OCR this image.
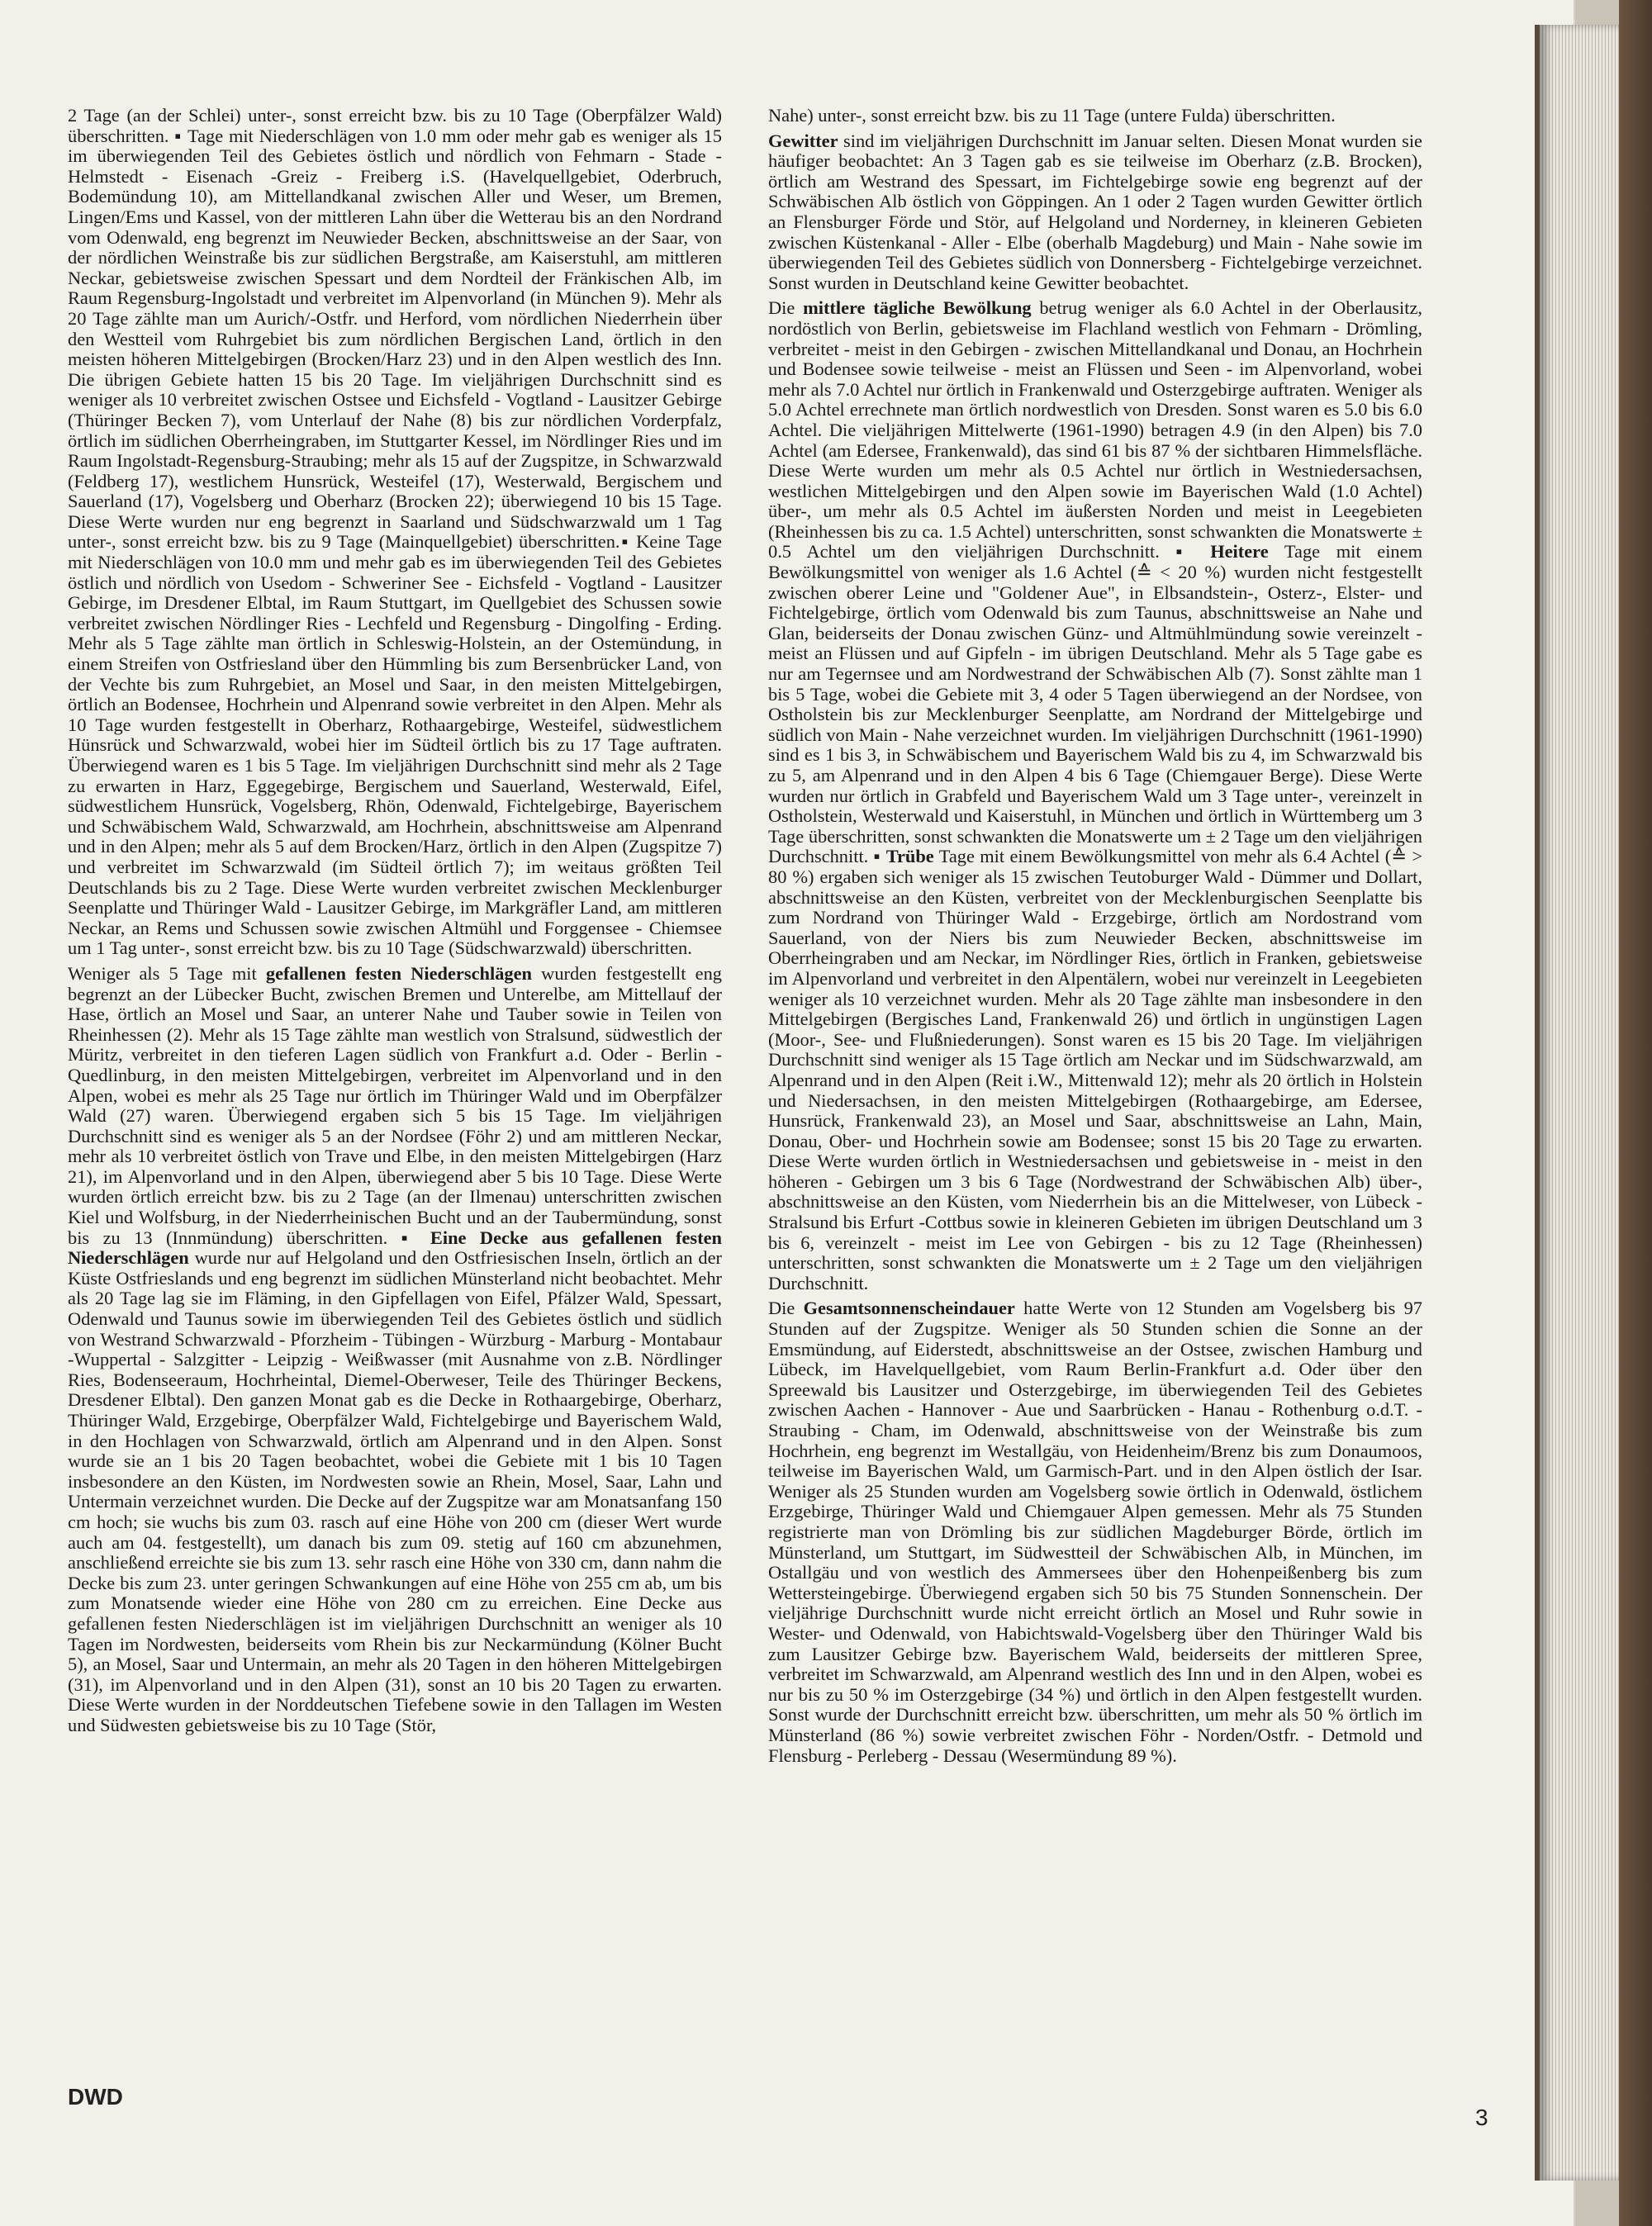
2 Tage (an der Schlei) unter-, sonst erreicht bzw. bis zu 10 Tage (Oberpfälzer Wald) überschritten. ▪ Tage mit Niederschlägen von 1.0 mm oder mehr gab es weniger als 15 im überwiegenden Teil des Gebietes östlich und nördlich von Fehmarn - Stade - Helmstedt - Eisenach -Greiz - Freiberg i.S. (Havelquellgebiet, Oderbruch, Bodemündung 10), am Mittellandkanal zwischen Aller und Weser, um Bremen, Lingen/Ems und Kassel, von der mittleren Lahn über die Wetterau bis an den Nordrand vom Odenwald, eng begrenzt im Neuwieder Becken, abschnittsweise an der Saar, von der nördlichen Weinstraße bis zur südlichen Bergstraße, am Kaiserstuhl, am mittleren Neckar, gebietsweise zwischen Spessart und dem Nordteil der Fränkischen Alb, im Raum Regensburg-Ingolstadt und verbreitet im Alpenvorland (in München 9). Mehr als 20 Tage zählte man um Aurich/-Ostfr. und Herford, vom nördlichen Niederrhein über den Westteil vom Ruhrgebiet bis zum nördlichen Bergischen Land, örtlich in den meisten höheren Mittelgebirgen (Brocken/Harz 23) und in den Alpen westlich des Inn. Die übrigen Gebiete hatten 15 bis 20 Tage. Im vieljährigen Durchschnitt sind es weniger als 10 verbreitet zwischen Ostsee und Eichsfeld - Vogtland - Lausitzer Gebirge (Thüringer Becken 7), vom Unterlauf der Nahe (8) bis zur nördlichen Vorderpfalz, örtlich im südlichen Oberrheingraben, im Stuttgarter Kessel, im Nördlinger Ries und im Raum Ingolstadt-Regensburg-Straubing; mehr als 15 auf der Zugspitze, in Schwarzwald (Feldberg 17), westlichem Hunsrück, Westeifel (17), Westerwald, Bergischem und Sauerland (17), Vogelsberg und Oberharz (Brocken 22); überwiegend 10 bis 15 Tage. Diese Werte wurden nur eng begrenzt in Saarland und Südschwarzwald um 1 Tag unter-, sonst erreicht bzw. bis zu 9 Tage (Mainquellgebiet) überschritten.▪ Keine Tage mit Niederschlägen von 10.0 mm und mehr gab es im überwiegenden Teil des Gebietes östlich und nördlich von Usedom - Schweriner See - Eichsfeld - Vogtland - Lausitzer Gebirge, im Dresdener Elbtal, im Raum Stuttgart, im Quellgebiet des Schussen sowie verbreitet zwischen Nördlinger Ries - Lechfeld und Regensburg - Dingolfing - Erding. Mehr als 5 Tage zählte man örtlich in Schleswig-Holstein, an der Ostemündung, in einem Streifen von Ostfriesland über den Hümmling bis zum Bersenbrücker Land, von der Vechte bis zum Ruhrgebiet, an Mosel und Saar, in den meisten Mittelgebirgen, örtlich an Bodensee, Hochrhein und Alpenrand sowie verbreitet in den Alpen. Mehr als 10 Tage wurden festgestellt in Oberharz, Rothaargebirge, Westeifel, südwestlichem Hünsrück und Schwarzwald, wobei hier im Südteil örtlich bis zu 17 Tage auftraten. Überwiegend waren es 1 bis 5 Tage. Im vieljährigen Durchschnitt sind mehr als 2 Tage zu erwarten in Harz, Eggegebirge, Bergischem und Sauerland, Westerwald, Eifel, südwestlichem Hunsrück, Vogelsberg, Rhön, Odenwald, Fichtelgebirge, Bayerischem und Schwäbischem Wald, Schwarzwald, am Hochrhein, abschnittsweise am Alpenrand und in den Alpen; mehr als 5 auf dem Brocken/Harz, örtlich in den Alpen (Zugspitze 7) und verbreitet im Schwarzwald (im Südteil örtlich 7); im weitaus größten Teil Deutschlands bis zu 2 Tage. Diese Werte wurden verbreitet zwischen Mecklenburger Seenplatte und Thüringer Wald - Lausitzer Gebirge, im Markgräfler Land, am mittleren Neckar, an Rems und Schussen sowie zwischen Altmühl und Forggensee - Chiemsee um 1 Tag unter-, sonst erreicht bzw. bis zu 10 Tage (Südschwarzwald) überschritten.

Weniger als 5 Tage mit gefallenen festen Niederschlägen wurden festgestellt eng begrenzt an der Lübecker Bucht, zwischen Bremen und Unterelbe, am Mittellauf der Hase, örtlich an Mosel und Saar, an unterer Nahe und Tauber sowie in Teilen von Rheinhessen (2). Mehr als 15 Tage zählte man westlich von Stralsund, südwestlich der Müritz, verbreitet in den tieferen Lagen südlich von Frankfurt a.d. Oder - Berlin - Quedlinburg, in den meisten Mittelgebirgen, verbreitet im Alpenvorland und in den Alpen, wobei es mehr als 25 Tage nur örtlich im Thüringer Wald und im Oberpfälzer Wald (27) waren. Überwiegend ergaben sich 5 bis 15 Tage. Im vieljährigen Durchschnitt sind es weniger als 5 an der Nordsee (Föhr 2) und am mittleren Neckar, mehr als 10 verbreitet östlich von Trave und Elbe, in den meisten Mittelgebirgen (Harz 21), im Alpenvorland und in den Alpen, überwiegend aber 5 bis 10 Tage. Diese Werte wurden örtlich erreicht bzw. bis zu 2 Tage (an der Ilmenau) unterschritten zwischen Kiel und Wolfsburg, in der Niederrheinischen Bucht und an der Taubermündung, sonst bis zu 13 (Innmündung) überschritten. ▪ Eine Decke aus gefallenen festen Niederschlägen wurde nur auf Helgoland und den Ostfriesischen Inseln, örtlich an der Küste Ostfrieslands und eng begrenzt im südlichen Münsterland nicht beobachtet. Mehr als 20 Tage lag sie im Fläming, in den Gipfellagen von Eifel, Pfälzer Wald, Spessart, Odenwald und Taunus sowie im überwiegenden Teil des Gebietes östlich und südlich von Westrand Schwarzwald - Pforzheim - Tübingen - Würzburg - Marburg - Montabaur -Wuppertal - Salzgitter - Leipzig - Weißwasser (mit Ausnahme von z.B. Nördlinger Ries, Bodenseeraum, Hochrheintal, Diemel-Oberweser, Teile des Thüringer Beckens, Dresdener Elbtal). Den ganzen Monat gab es die Decke in Rothaargebirge, Oberharz, Thüringer Wald, Erzgebirge, Oberpfälzer Wald, Fichtelgebirge und Bayerischem Wald, in den Hochlagen von Schwarzwald, örtlich am Alpenrand und in den Alpen. Sonst wurde sie an 1 bis 20 Tagen beobachtet, wobei die Gebiete mit 1 bis 10 Tagen insbesondere an den Küsten, im Nordwesten sowie an Rhein, Mosel, Saar, Lahn und Untermain verzeichnet wurden. Die Decke auf der Zugspitze war am Monatsanfang 150 cm hoch; sie wuchs bis zum 03. rasch auf eine Höhe von 200 cm (dieser Wert wurde auch am 04. festgestellt), um danach bis zum 09. stetig auf 160 cm abzunehmen, anschließend erreichte sie bis zum 13. sehr rasch eine Höhe von 330 cm, dann nahm die Decke bis zum 23. unter geringen Schwankungen auf eine Höhe von 255 cm ab, um bis zum Monatsende wieder eine Höhe von 280 cm zu erreichen. Eine Decke aus gefallenen festen Niederschlägen ist im vieljährigen Durchschnitt an weniger als 10 Tagen im Nordwesten, beiderseits vom Rhein bis zur Neckarmündung (Kölner Bucht 5), an Mosel, Saar und Untermain, an mehr als 20 Tagen in den höheren Mittelgebirgen (31), im Alpenvorland und in den Alpen (31), sonst an 10 bis 20 Tagen zu erwarten. Diese Werte wurden in der Norddeutschen Tiefebene sowie in den Tallagen im Westen und Südwesten gebietsweise bis zu 10 Tage (Stör,

Nahe) unter-, sonst erreicht bzw. bis zu 11 Tage (untere Fulda) überschritten.

Gewitter sind im vieljährigen Durchschnitt im Januar selten. Diesen Monat wurden sie häufiger beobachtet: An 3 Tagen gab es sie teilweise im Oberharz (z.B. Brocken), örtlich am Westrand des Spessart, im Fichtelgebirge sowie eng begrenzt auf der Schwäbischen Alb östlich von Göppingen. An 1 oder 2 Tagen wurden Gewitter örtlich an Flensburger Förde und Stör, auf Helgoland und Norderney, in kleineren Gebieten zwischen Küstenkanal - Aller - Elbe (oberhalb Magdeburg) und Main - Nahe sowie im überwiegenden Teil des Gebietes südlich von Donnersberg - Fichtelgebirge verzeichnet. Sonst wurden in Deutschland keine Gewitter beobachtet.

Die mittlere tägliche Bewölkung betrug weniger als 6.0 Achtel in der Oberlausitz, nordöstlich von Berlin, gebietsweise im Flachland westlich von Fehmarn - Drömling, verbreitet - meist in den Gebirgen - zwischen Mittellandkanal und Donau, an Hochrhein und Bodensee sowie teilweise - meist an Flüssen und Seen - im Alpenvorland, wobei mehr als 7.0 Achtel nur örtlich in Frankenwald und Osterzgebirge auftraten. Weniger als 5.0 Achtel errechnete man örtlich nordwestlich von Dresden. Sonst waren es 5.0 bis 6.0 Achtel. Die vieljährigen Mittelwerte (1961-1990) betragen 4.9 (in den Alpen) bis 7.0 Achtel (am Edersee, Frankenwald), das sind 61 bis 87 % der sichtbaren Himmelsfläche. Diese Werte wurden um mehr als 0.5 Achtel nur örtlich in Westniedersachsen, westlichen Mittelgebirgen und den Alpen sowie im Bayerischen Wald (1.0 Achtel) über-, um mehr als 0.5 Achtel im äußersten Norden und meist in Leegebieten (Rheinhessen bis zu ca. 1.5 Achtel) unterschritten, sonst schwankten die Monatswerte ± 0.5 Achtel um den vieljährigen Durchschnitt. ▪ Heitere Tage mit einem Bewölkungsmittel von weniger als 1.6 Achtel (≙ < 20 %) wurden nicht festgestellt zwischen oberer Leine und "Goldener Aue", in Elbsandstein-, Osterz-, Elster- und Fichtelgebirge, örtlich vom Odenwald bis zum Taunus, abschnittsweise an Nahe und Glan, beiderseits der Donau zwischen Günz- und Altmühlmündung sowie vereinzelt - meist an Flüssen und auf Gipfeln - im übrigen Deutschland. Mehr als 5 Tage gabe es nur am Tegernsee und am Nordwestrand der Schwäbischen Alb (7). Sonst zählte man 1 bis 5 Tage, wobei die Gebiete mit 3, 4 oder 5 Tagen überwiegend an der Nordsee, von Ostholstein bis zur Mecklenburger Seenplatte, am Nordrand der Mittelgebirge und südlich von Main - Nahe verzeichnet wurden. Im vieljährigen Durchschnitt (1961-1990) sind es 1 bis 3, in Schwäbischem und Bayerischem Wald bis zu 4, im Schwarzwald bis zu 5, am Alpenrand und in den Alpen 4 bis 6 Tage (Chiemgauer Berge). Diese Werte wurden nur örtlich in Grabfeld und Bayerischem Wald um 3 Tage unter-, vereinzelt in Ostholstein, Westerwald und Kaiserstuhl, in München und örtlich in Württemberg um 3 Tage überschritten, sonst schwankten die Monatswerte um ± 2 Tage um den vieljährigen Durchschnitt. ▪ Trübe Tage mit einem Bewölkungsmittel von mehr als 6.4 Achtel (≙ > 80 %) ergaben sich weniger als 15 zwischen Teutoburger Wald - Dümmer und Dollart, abschnittsweise an den Küsten, verbreitet von der Mecklenburgischen Seenplatte bis zum Nordrand von Thüringer Wald - Erzgebirge, örtlich am Nordostrand vom Sauerland, von der Niers bis zum Neuwieder Becken, abschnittsweise im Oberrheingraben und am Neckar, im Nördlinger Ries, örtlich in Franken, gebietsweise im Alpenvorland und verbreitet in den Alpentälern, wobei nur vereinzelt in Leegebieten weniger als 10 verzeichnet wurden. Mehr als 20 Tage zählte man insbesondere in den Mittelgebirgen (Bergisches Land, Frankenwald 26) und örtlich in ungünstigen Lagen (Moor-, See- und Flußniederungen). Sonst waren es 15 bis 20 Tage. Im vieljährigen Durchschnitt sind weniger als 15 Tage örtlich am Neckar und im Südschwarzwald, am Alpenrand und in den Alpen (Reit i.W., Mittenwald 12); mehr als 20 örtlich in Holstein und Niedersachsen, in den meisten Mittelgebirgen (Rothaargebirge, am Edersee, Hunsrück, Frankenwald 23), an Mosel und Saar, abschnittsweise an Lahn, Main, Donau, Ober- und Hochrhein sowie am Bodensee; sonst 15 bis 20 Tage zu erwarten. Diese Werte wurden örtlich in Westniedersachsen und gebietsweise in - meist in den höheren - Gebirgen um 3 bis 6 Tage (Nordwestrand der Schwäbischen Alb) über-, abschnittsweise an den Küsten, vom Niederrhein bis an die Mittelweser, von Lübeck - Stralsund bis Erfurt -Cottbus sowie in kleineren Gebieten im übrigen Deutschland um 3 bis 6, vereinzelt - meist im Lee von Gebirgen - bis zu 12 Tage (Rheinhessen) unterschritten, sonst schwankten die Monatswerte um ± 2 Tage um den vieljährigen Durchschnitt.

Die Gesamtsonnenscheindauer hatte Werte von 12 Stunden am Vogelsberg bis 97 Stunden auf der Zugspitze. Weniger als 50 Stunden schien die Sonne an der Emsmündung, auf Eiderstedt, abschnittsweise an der Ostsee, zwischen Hamburg und Lübeck, im Havelquellgebiet, vom Raum Berlin-Frankfurt a.d. Oder über den Spreewald bis Lausitzer und Osterzgebirge, im überwiegenden Teil des Gebietes zwischen Aachen - Hannover - Aue und Saarbrücken - Hanau - Rothenburg o.d.T. - Straubing - Cham, im Odenwald, abschnittsweise von der Weinstraße bis zum Hochrhein, eng begrenzt im Westallgäu, von Heidenheim/Brenz bis zum Donaumoos, teilweise im Bayerischen Wald, um Garmisch-Part. und in den Alpen östlich der Isar. Weniger als 25 Stunden wurden am Vogelsberg sowie örtlich in Odenwald, östlichem Erzgebirge, Thüringer Wald und Chiemgauer Alpen gemessen. Mehr als 75 Stunden registrierte man von Drömling bis zur südlichen Magdeburger Börde, örtlich im Münsterland, um Stuttgart, im Südwestteil der Schwäbischen Alb, in München, im Ostallgäu und von westlich des Ammersees über den Hohenpeißenberg bis zum Wettersteingebirge. Überwiegend ergaben sich 50 bis 75 Stunden Sonnenschein. Der vieljährige Durchschnitt wurde nicht erreicht örtlich an Mosel und Ruhr sowie in Wester- und Odenwald, von Habichtswald-Vogelsberg über den Thüringer Wald bis zum Lausitzer Gebirge bzw. Bayerischem Wald, beiderseits der mittleren Spree, verbreitet im Schwarzwald, am Alpenrand westlich des Inn und in den Alpen, wobei es nur bis zu 50 % im Osterzgebirge (34 %) und örtlich in den Alpen festgestellt wurden. Sonst wurde der Durchschnitt erreicht bzw. überschritten, um mehr als 50 % örtlich im Münsterland (86 %) sowie verbreitet zwischen Föhr - Norden/Ostfr. - Detmold und Flensburg - Perleberg - Dessau (Wesermündung 89 %).

DWD
3
